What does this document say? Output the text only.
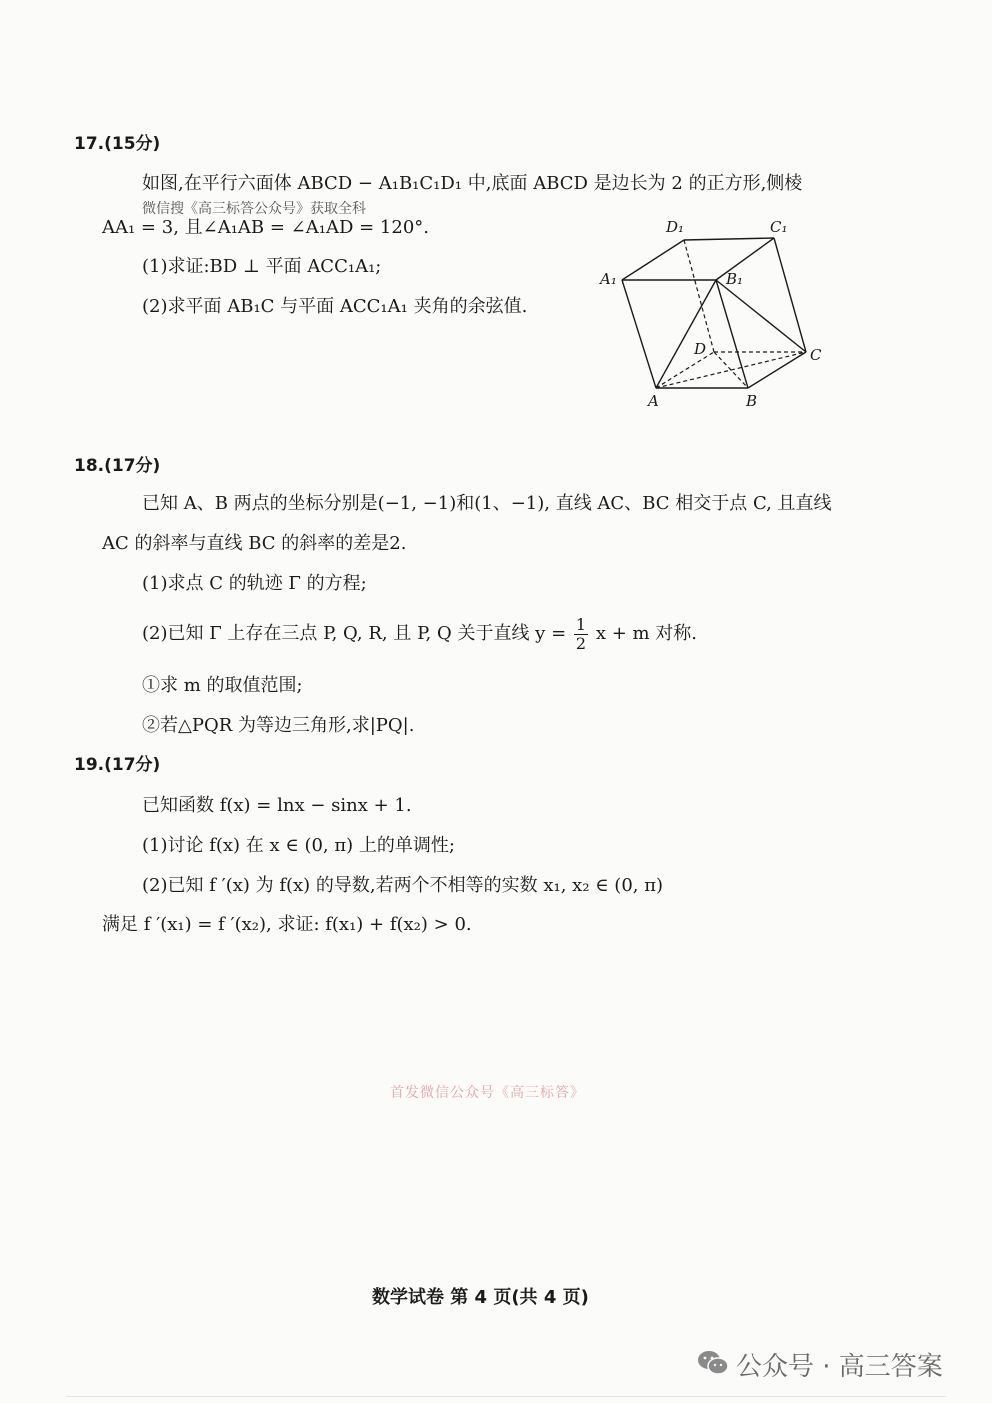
17.(15分)
如图,在平行六面体 ABCD − A₁B₁C₁D₁ 中,底面 ABCD 是边长为 2 的正方形,侧棱
微信搜《高三标答公众号》获取全科
AA₁ = 3, 且∠A₁AB = ∠A₁AD = 120°.
(1)求证:BD ⊥ 平面 ACC₁A₁;
(2)求平面 AB₁C 与平面 ACC₁A₁ 夹角的余弦值.
A	B
C
D
A₁	B₁
C₁
D₁
18.(17分)
已知 A、B 两点的坐标分别是(−1, −1)和(1、−1), 直线 AC、BC 相交于点 C, 且直线
AC 的斜率与直线 BC 的斜率的差是2.
(1)求点 C 的轨迹 Γ 的方程;
(2)已知 Γ 上存在三点 P, Q, R, 且 P, Q 关于直线 $y = \frac{1}{2}$ x + m 对称.
①求 m 的取值范围;
②若△PQR 为等边三角形,求|PQ|.
19.(17分)
已知函数 f(x) = lnx − sinx + 1.
(1)讨论 f(x) 在 x ∈ (0, π) 上的单调性;
(2)已知 f ′(x) 为 f(x) 的导数,若两个不相等的实数 x₁, x₂ ∈ (0, π)
满足 f ′(x₁) = f ′(x₂), 求证: f(x₁) + f(x₂) > 0.
首发微信公众号《高三标答》
数学试卷 第 4 页(共 4 页)
公众号 · 高三答案
